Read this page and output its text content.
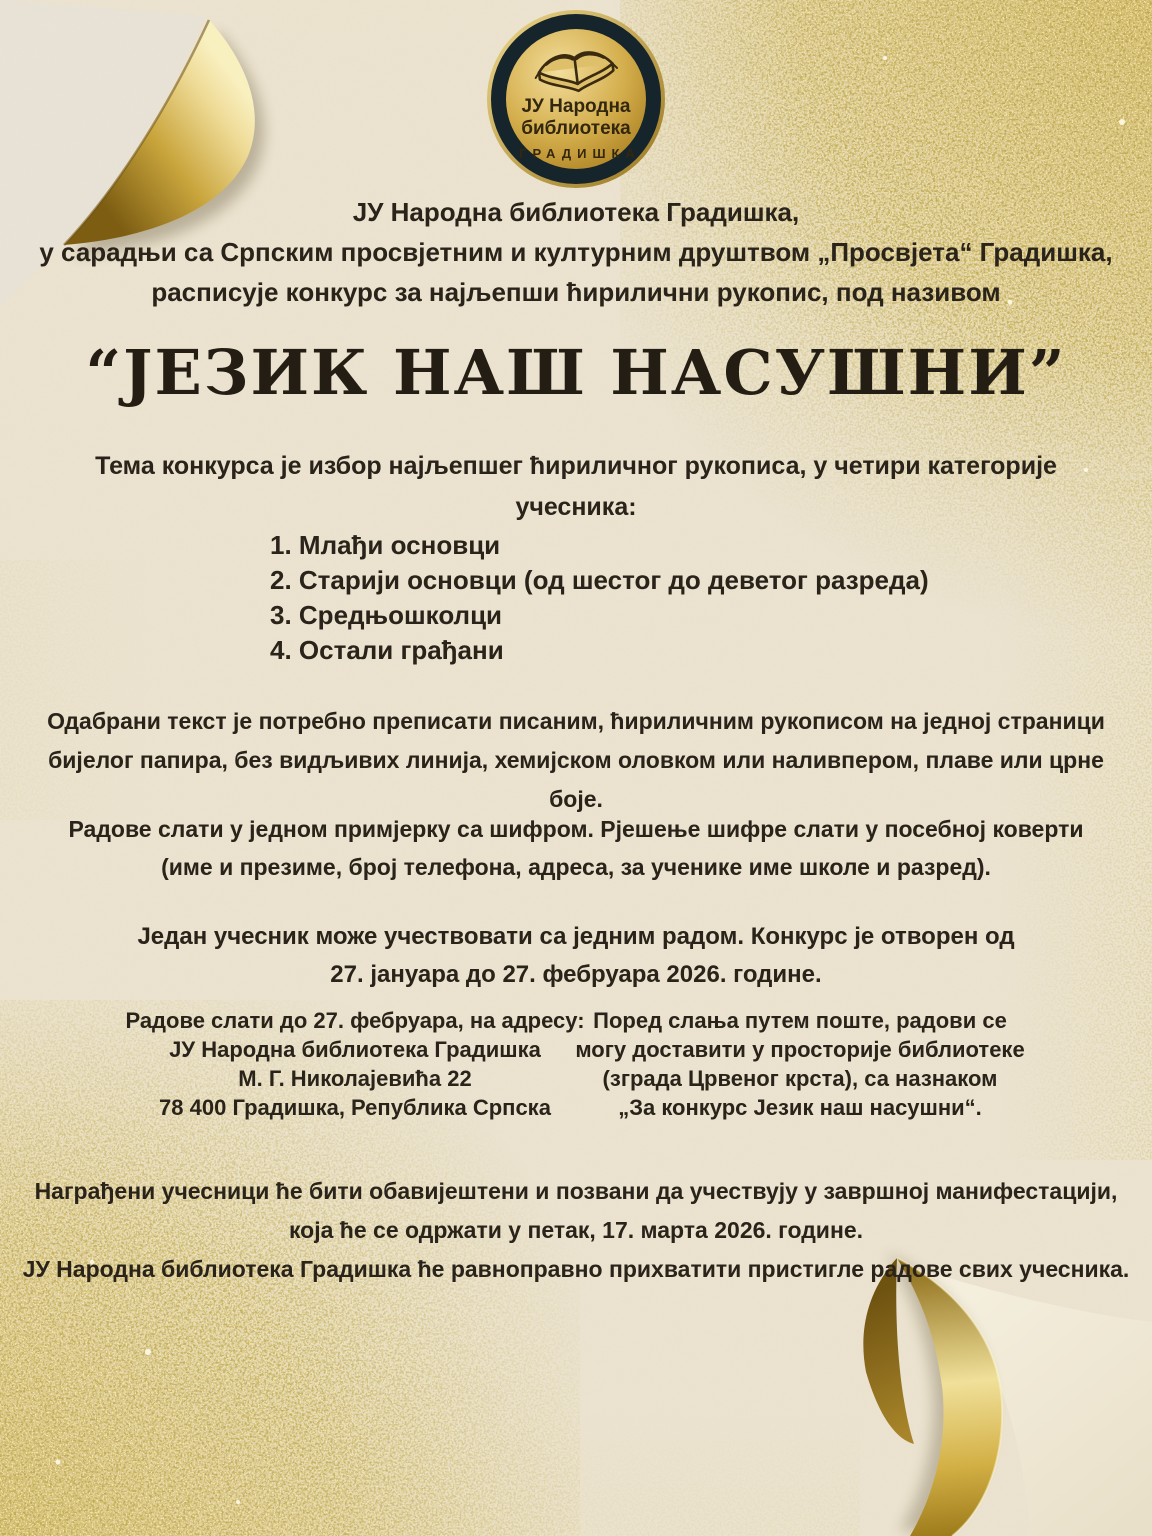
ЈУ Народна
библиотека
ГРАДИШКА
ЈУ Народна библиотека Градишка,
у сарадњи са Српским просвјетним и културним друштвом „Просвјета“ Градишка,
расписује конкурс за најљепши ћирилични рукопис, под називом
“ЈЕЗИК НАШ НАСУШНИ”
Тема конкурса је избор најљепшег ћириличног рукописа, у четири категорије
учесника:
1. Млађи основци
2. Старији основци (од шестог до деветог разреда)
3. Средњошколци
4. Остали грађани
Одабрани текст је потребно преписати писаним, ћириличним рукописом на једној страници
бијелог папира, без видљивих линија, хемијском оловком или наливпером, плаве или црне
боје.
Радове слати у једном примјерку са шифром. Рјешење шифре слати у посебној коверти
(име и презиме, број телефона, адреса, за ученике име школе и разред).
Један учесник може учествовати са једним радом. Конкурс је отворен од
27. јануара до 27. фебруара 2026. године.
Радове слати до 27. фебруара, на адресу:
ЈУ Народна библиотека Градишка
М. Г. Николајевића 22
78 400 Градишка, Република Српска
Поред слања путем поште, радови се
могу доставити у просторије библиотеке
(зграда Црвеног крста), са назнаком
„За конкурс Језик наш насушни“.
Награђени учесници ће бити обавијештени и позвани да учествују у завршној манифестацији,
која ће се одржати у петак, 17. марта 2026. године.
ЈУ Народна библиотека Градишка ће равноправно прихватити пристигле радове свих учесника.
